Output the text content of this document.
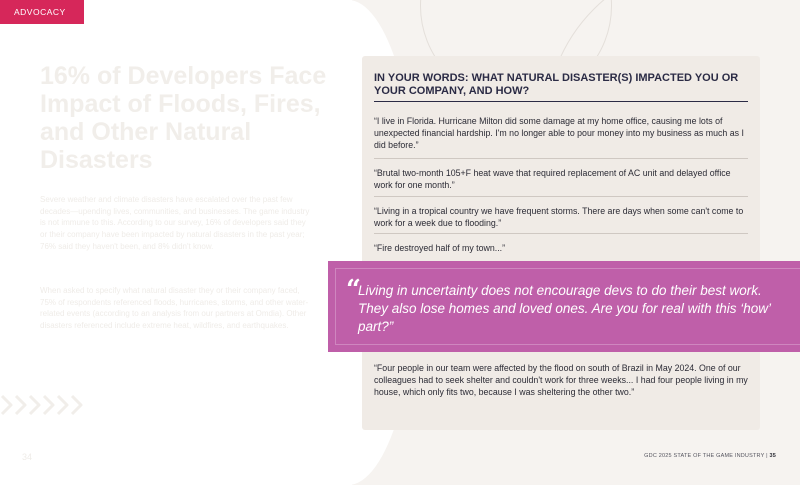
ADVOCACY
16% of Developers Face Impact of Floods, Fires, and Other Natural Disasters

Severe weather and climate disasters have escalated over the past few decades—upending lives, communities, and businesses. The game industry is not immune to this. According to our survey, 16% of developers said they or their company have been impacted by natural disasters in the past year; 76% said they haven't been, and 8% didn't know.

When asked to specify what natural disaster they or their company faced, 75% of respondents referenced floods, hurricanes, storms, and other water-related events (according to an analysis from our partners at Omdia). Other disasters referenced include extreme heat, wildfires, and earthquakes.

34
IN YOUR WORDS: WHAT NATURAL DISASTER(S) IMPACTED YOU OR YOUR COMPANY, AND HOW?

“I live in Florida. Hurricane Milton did some damage at my home office, causing me lots of unexpected financial hardship. I'm no longer able to pour money into my business as much as I did before.”

“Brutal two-month 105+F heat wave that required replacement of AC unit and delayed office work for one month.”

“Living in a tropical country we have frequent storms. There are days when some can't come to work for a week due to flooding.”

“Fire destroyed half of my town...”

“

Living in uncertainty does not encourage devs to do their best work. They also lose homes and loved ones. Are you for real with this ‘how’ part?”

“Four people in our team were affected by the flood on south of Brazil in May 2024. One of our colleagues had to seek shelter and couldn't work for three weeks... I had four people living in my house, which only fits two, because I was sheltering the other two.”

GDC 2025 STATE OF THE GAME INDUSTRY | 35
